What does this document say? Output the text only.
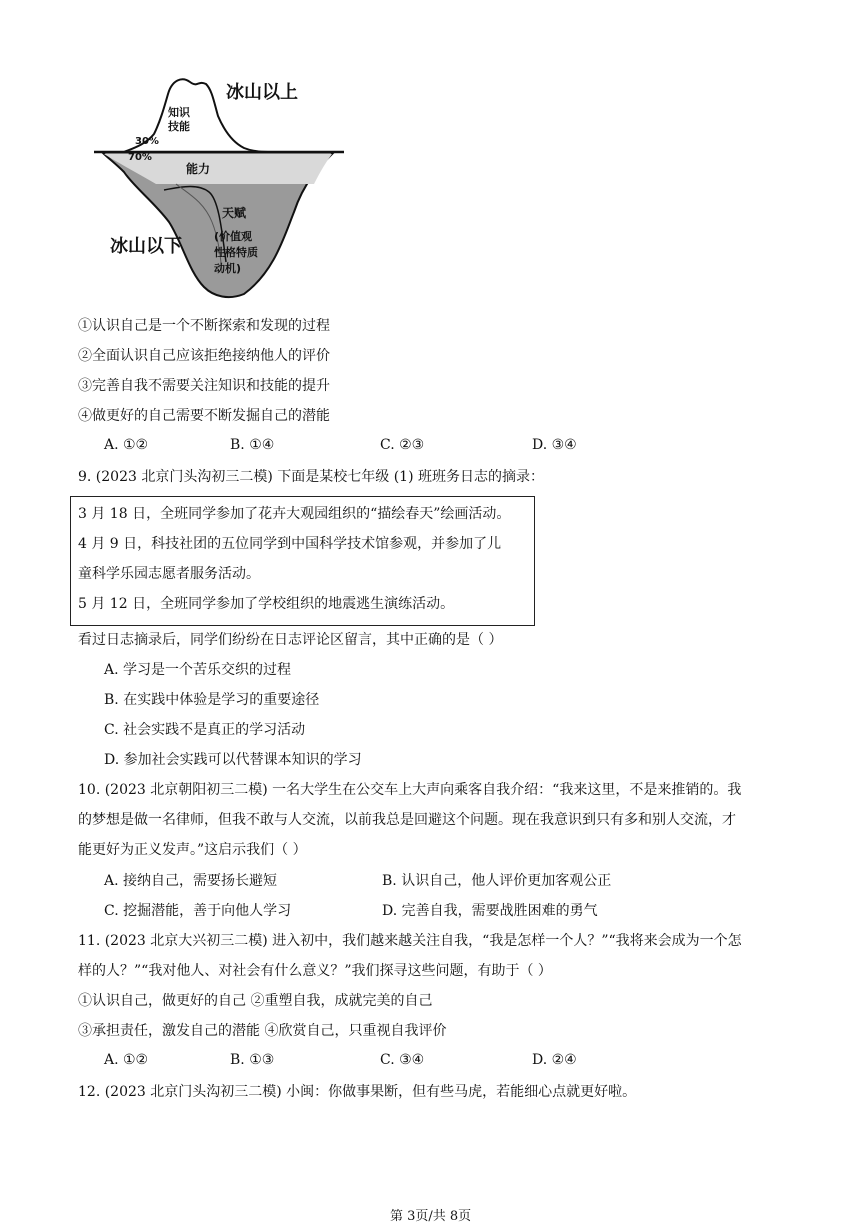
知识
技能
30%
70%
能力
天赋
(价值观
性格特质
动机)
冰山以上
冰山以下
①认识自己是一个不断探索和发现的过程
②全面认识自己应该拒绝接纳他人的评价
③完善自我不需要关注知识和技能的提升
④做更好的自己需要不断发掘自己的潜能
A. ①②	B. ①④	C. ②③	D. ③④
9. (2023 北京门头沟初三二模) 下面是某校七年级 (1) 班班务日志的摘录：
3 月 18 日，全班同学参加了花卉大观园组织的“描绘春天”绘画活动。
4 月 9 日，科技社团的五位同学到中国科学技术馆参观，并参加了儿
童科学乐园志愿者服务活动。
5 月 12 日，全班同学参加了学校组织的地震逃生演练活动。
看过日志摘录后，同学们纷纷在日志评论区留言，其中正确的是（ ）
A. 学习是一个苦乐交织的过程
B. 在实践中体验是学习的重要途径
C. 社会实践不是真正的学习活动
D. 参加社会实践可以代替课本知识的学习
10. (2023 北京朝阳初三二模) 一名大学生在公交车上大声向乘客自我介绍：“我来这里，不是来推销的。我
的梦想是做一名律师，但我不敢与人交流，以前我总是回避这个问题。现在我意识到只有多和别人交流，才
能更好为正义发声。”这启示我们（ ）
A. 接纳自己，需要扬长避短	B. 认识自己，他人评价更加客观公正
C. 挖掘潜能，善于向他人学习	D. 完善自我，需要战胜困难的勇气
11. (2023 北京大兴初三二模) 进入初中，我们越来越关注自我，“我是怎样一个人？”“我将来会成为一个怎
样的人？”“我对他人、对社会有什么意义？”我们探寻这些问题，有助于（ ）
①认识自己，做更好的自己 ②重塑自我，成就完美的自己
③承担责任，激发自己的潜能 ④欣赏自己，只重视自我评价
A. ①②	B. ①③	C. ③④	D. ②④
12. (2023 北京门头沟初三二模) 小闽：你做事果断，但有些马虎，若能细心点就更好啦。
第 3页/共 8页
